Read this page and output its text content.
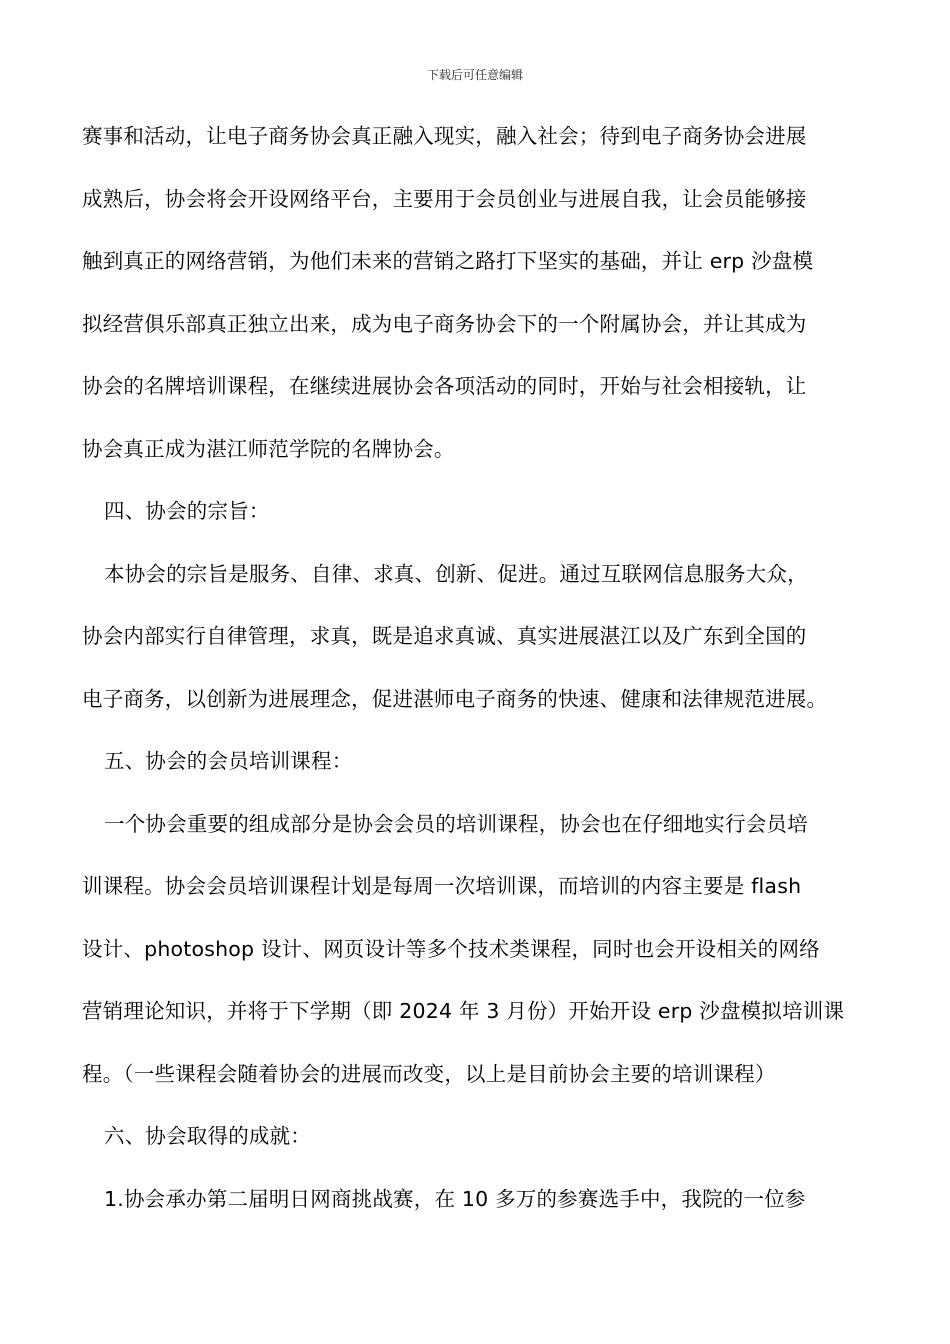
下载后可任意编辑
赛事和活动，让电子商务协会真正融入现实，融入社会；待到电子商务协会进展
成熟后，协会将会开设网络平台，主要用于会员创业与进展自我，让会员能够接
触到真正的网络营销，为他们未来的营销之路打下坚实的基础，并让 erp 沙盘模
拟经营俱乐部真正独立出来，成为电子商务协会下的一个附属协会，并让其成为
协会的名牌培训课程，在继续进展协会各项活动的同时，开始与社会相接轨，让
协会真正成为湛江师范学院的名牌协会。
四、协会的宗旨：
本协会的宗旨是服务、自律、求真、创新、促进。通过互联网信息服务大众，
协会内部实行自律管理，求真，既是追求真诚、真实进展湛江以及广东到全国的
电子商务，以创新为进展理念，促进湛师电子商务的快速、健康和法律规范进展。
五、协会的会员培训课程：
一个协会重要的组成部分是协会会员的培训课程，协会也在仔细地实行会员培
训课程。协会会员培训课程计划是每周一次培训课，而培训的内容主要是 flash
设计、photoshop 设计、网页设计等多个技术类课程，同时也会开设相关的网络
营销理论知识，并将于下学期（即 2024 年 3 月份）开始开设 erp 沙盘模拟培训课
程。（一些课程会随着协会的进展而改变，以上是目前协会主要的培训课程）
六、协会取得的成就：
1.协会承办第二届明日网商挑战赛，在 10 多万的参赛选手中，我院的一位参
